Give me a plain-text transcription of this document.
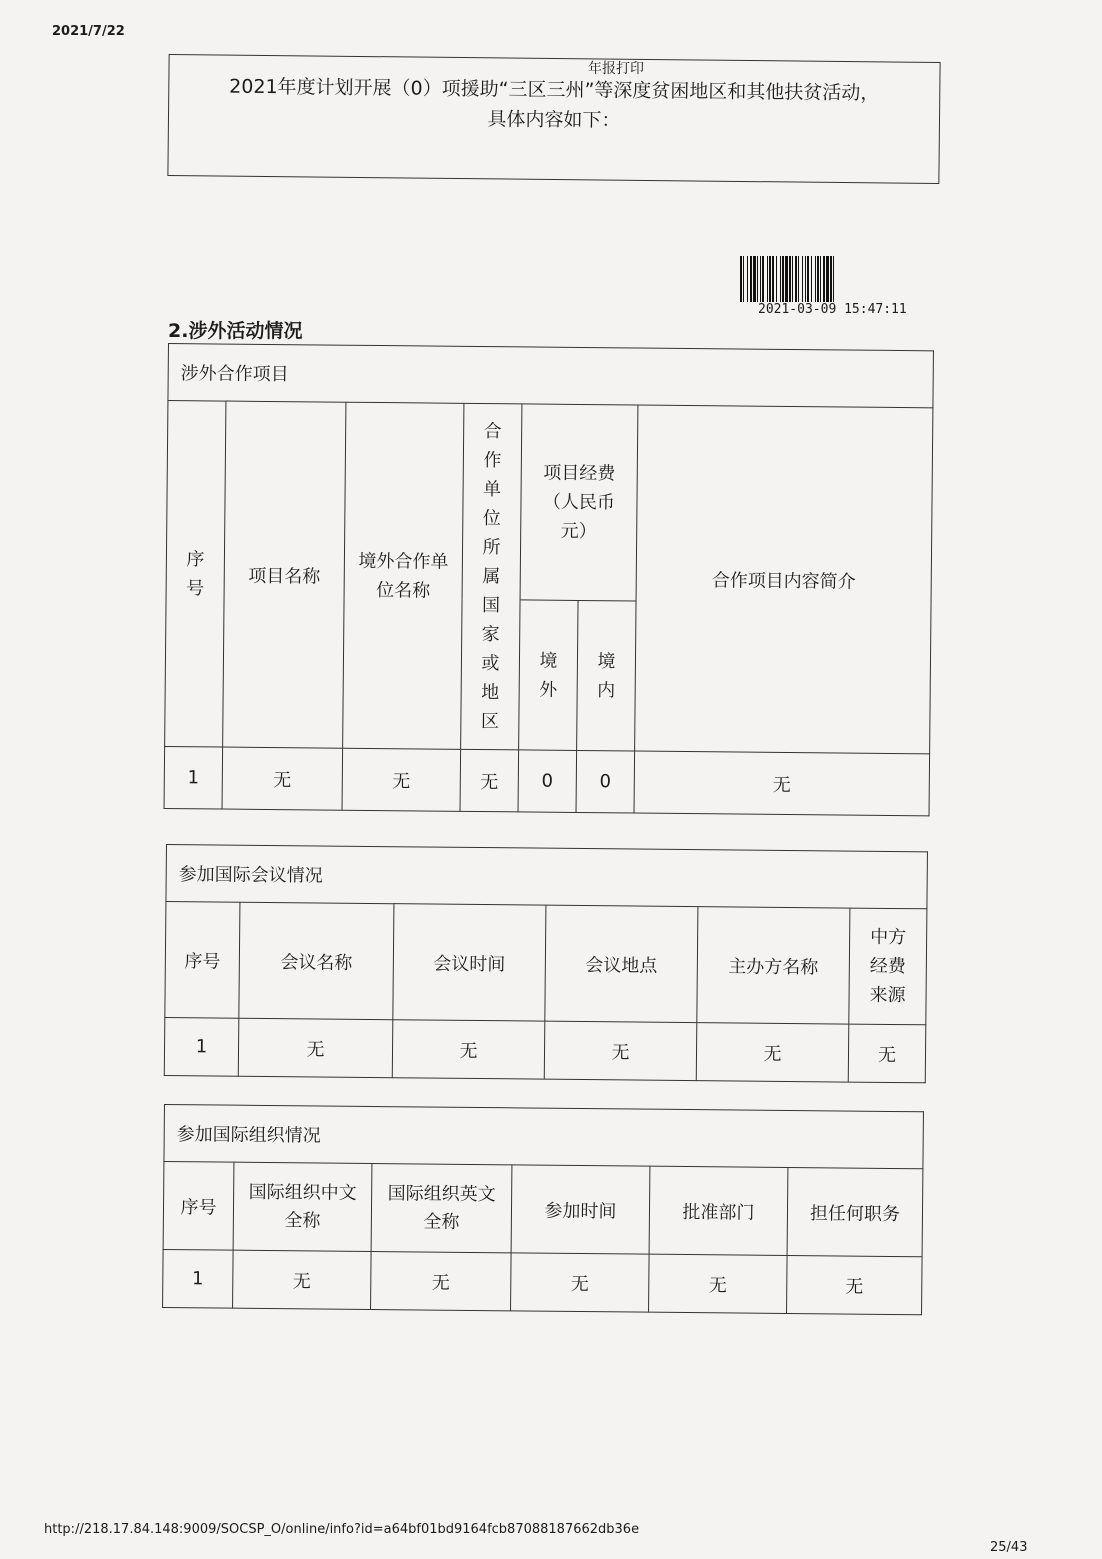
2021/7/22
年报打印
2021年度计划开展（0）项援助“三区三州”等深度贫困地区和其他扶贫活动，
具体内容如下：
2021-03-09 15:47:11
2.涉外活动情况
涉外合作项目						
序号	项目名称	境外合作单位名称	合作单位所属国家或地区	项目经费（人民币元）		合作项目内容简介
				境外	境内	
1	无	无	无	0	0	无
参加国际会议情况					
序号	会议名称	会议时间	会议地点	主办方名称	中方经费来源
1	无	无	无	无	无
参加国际组织情况					
序号	国际组织中文全称	国际组织英文全称	参加时间	批准部门	担任何职务
1	无	无	无	无	无
http://218.17.84.148:9009/SOCSP_O/online/info?id=a64bf01bd9164fcb87088187662db36e
25/43
